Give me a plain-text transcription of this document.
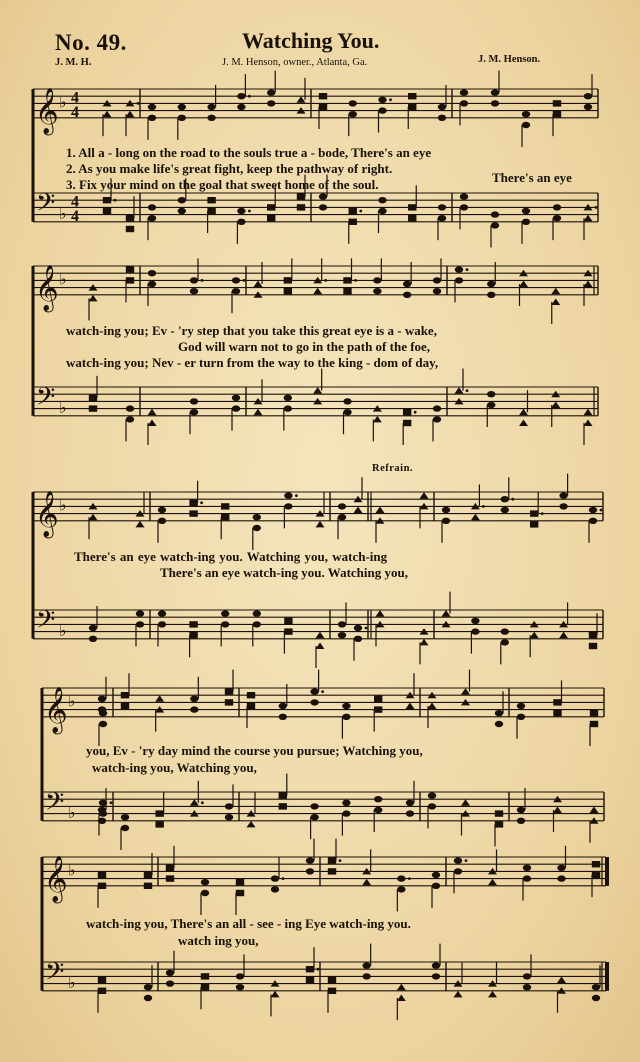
𝄞 ♭ 4
4
𝄢 ♭
4
4
𝄞 ♭
𝄢 ♭
𝄞 ♭
𝄢 ♭
𝄞 ♭
𝄢 ♭
𝄞 ♭
𝄢 ♭
No. 49.	Watching You.
J. M. H.	J. M. Henson, owner., Atlanta, Ga.	J. M. Henson.
1. All a - long on the road to the souls true a - bode, There's an eye
2. As you make life's great fight, keep the pathway of right.
3. Fix your mind on the goal that sweet home of the soul.	There's an eye
watch-ing you; Ev - 'ry step that you take this great eye is a - wake,
God will warn not to go in the path of the foe,
watch-ing you; Nev - er turn from the way to the king - dom of day,
Refrain.
There's an eye watch-ing you. Watching you, watch-ing
There's an eye watch-ing you. Watching you,
you, Ev - 'ry day mind the course you pursue; Watching you,
watch-ing you, Watching you,
watch-ing you, There's an all - see - ing Eye watch-ing you.
watch ing you,
